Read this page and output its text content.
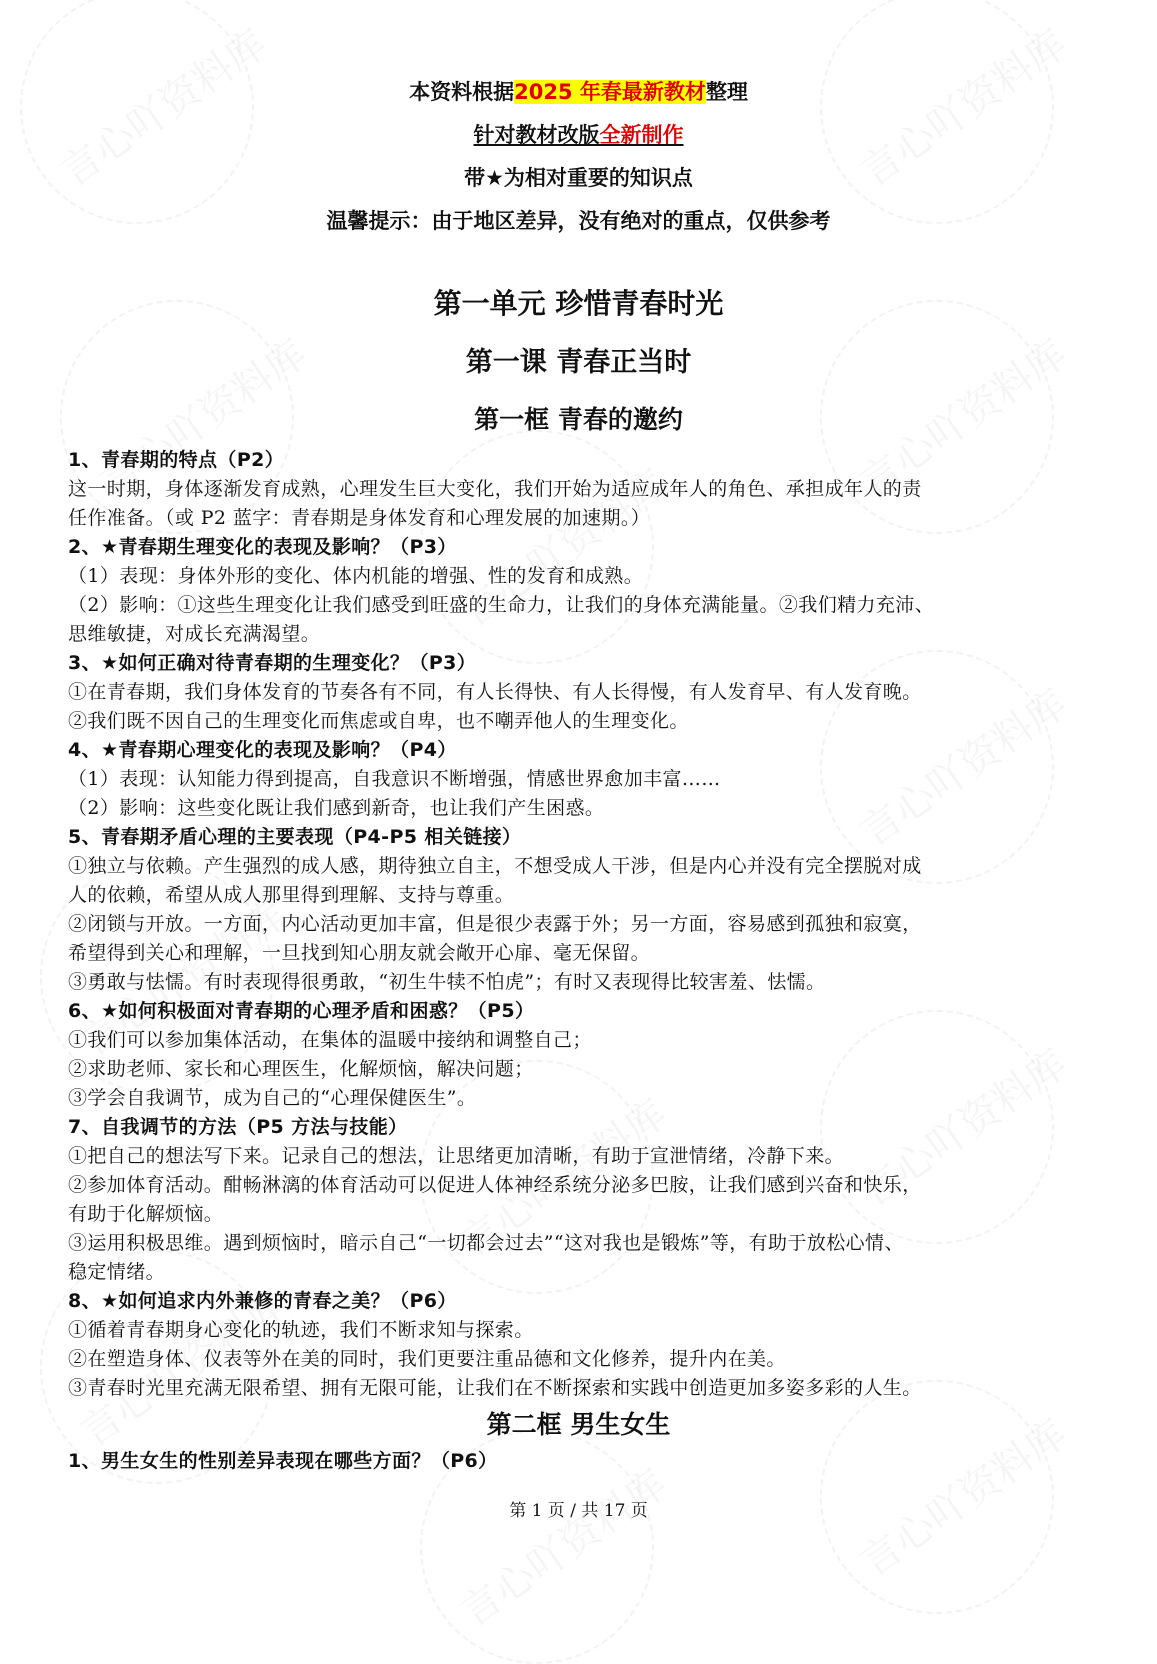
本资料根据2025 年春最新教材整理
针对教材改版全新制作
带★为相对重要的知识点
温馨提示：由于地区差异，没有绝对的重点，仅供参考
第一单元 珍惜青春时光
第一课 青春正当时
第一框 青春的邀约
1、青春期的特点（P2）
这一时期，身体逐渐发育成熟，心理发生巨大变化，我们开始为适应成年人的角色、承担成年人的责
任作准备。（或 P2 蓝字：青春期是身体发育和心理发展的加速期。）
2、★青春期生理变化的表现及影响？（P3）
（1）表现：身体外形的变化、体内机能的增强、性的发育和成熟。
（2）影响：①这些生理变化让我们感受到旺盛的生命力，让我们的身体充满能量。②我们精力充沛、
思维敏捷，对成长充满渴望。
3、★如何正确对待青春期的生理变化？（P3）
①在青春期，我们身体发育的节奏各有不同，有人长得快、有人长得慢，有人发育早、有人发育晚。
②我们既不因自己的生理变化而焦虑或自卑，也不嘲弄他人的生理变化。
4、★青春期心理变化的表现及影响？（P4）
（1）表现：认知能力得到提高，自我意识不断增强，情感世界愈加丰富……
（2）影响：这些变化既让我们感到新奇，也让我们产生困惑。
5、青春期矛盾心理的主要表现（P4-P5 相关链接）
①独立与依赖。产生强烈的成人感，期待独立自主，不想受成人干涉，但是内心并没有完全摆脱对成
人的依赖，希望从成人那里得到理解、支持与尊重。
②闭锁与开放。一方面，内心活动更加丰富，但是很少表露于外；另一方面，容易感到孤独和寂寞，
希望得到关心和理解，一旦找到知心朋友就会敞开心扉、毫无保留。
③勇敢与怯懦。有时表现得很勇敢，“初生牛犊不怕虎”；有时又表现得比较害羞、怯懦。
6、★如何积极面对青春期的心理矛盾和困惑？（P5）
①我们可以参加集体活动，在集体的温暖中接纳和调整自己；
②求助老师、家长和心理医生，化解烦恼，解决问题；
③学会自我调节，成为自己的“心理保健医生”。
7、自我调节的方法（P5 方法与技能）
①把自己的想法写下来。记录自己的想法，让思绪更加清晰，有助于宣泄情绪，冷静下来。
②参加体育活动。酣畅淋漓的体育活动可以促进人体神经系统分泌多巴胺，让我们感到兴奋和快乐，
有助于化解烦恼。
③运用积极思维。遇到烦恼时，暗示自己“一切都会过去”“这对我也是锻炼”等，有助于放松心情、
稳定情绪。
8、★如何追求内外兼修的青春之美？（P6）
①循着青春期身心变化的轨迹，我们不断求知与探索。
②在塑造身体、仪表等外在美的同时，我们更要注重品德和文化修养，提升内在美。
③青春时光里充满无限希望、拥有无限可能，让我们在不断探索和实践中创造更加多姿多彩的人生。
第二框 男生女生
1、男生女生的性别差异表现在哪些方面？（P6）
第 1 页 / 共 17 页
